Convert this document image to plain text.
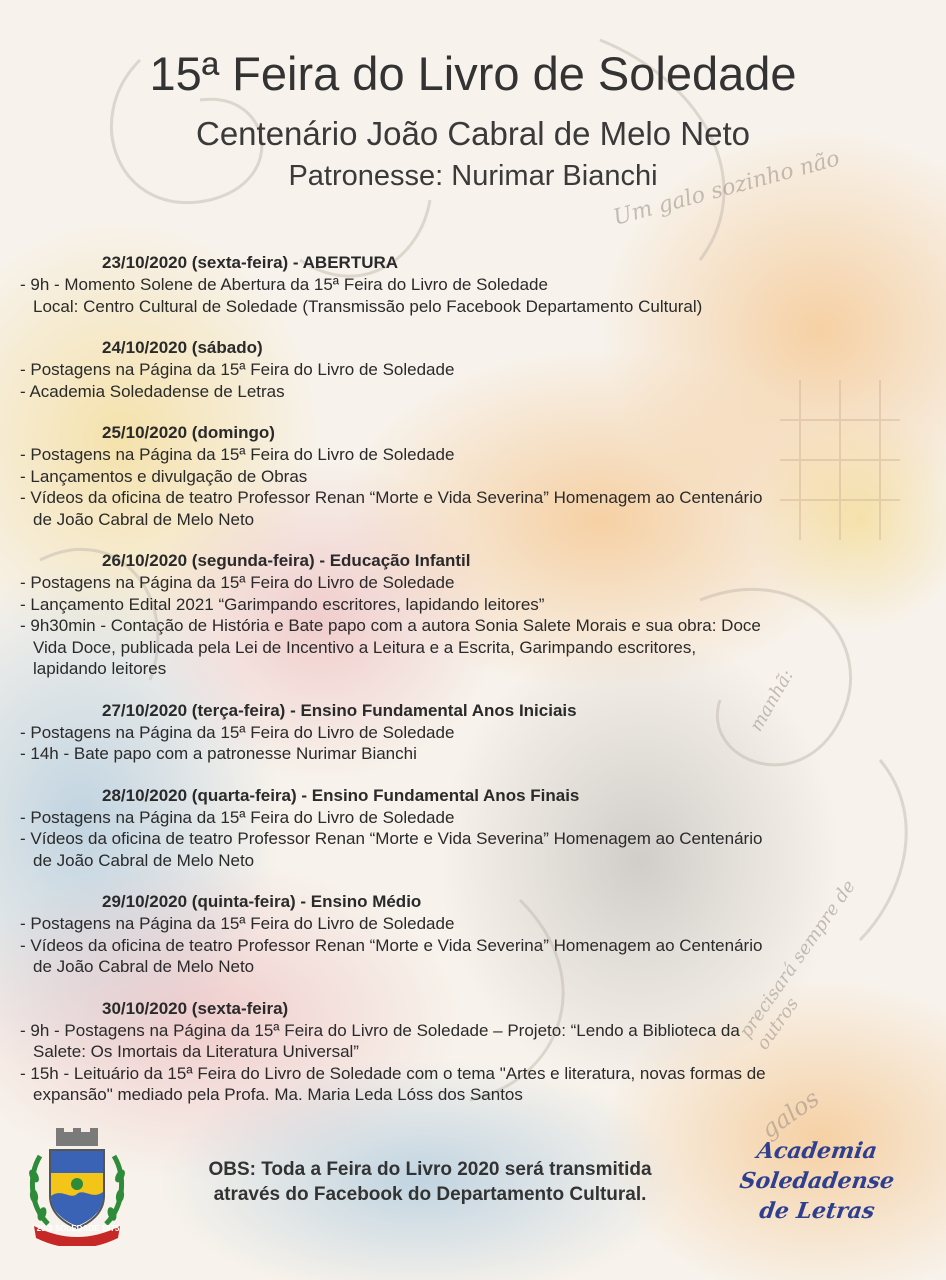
15ª Feira do Livro de Soledade
Centenário João Cabral de Melo Neto
Patronesse: Nurimar Bianchi
23/10/2020 (sexta-feira) - ABERTURA
- 9h - Momento Solene de Abertura da 15ª Feira do Livro de Soledade
Local: Centro Cultural de Soledade (Transmissão pelo Facebook Departamento Cultural)
24/10/2020 (sábado)
- Postagens na Página da 15ª Feira do Livro de Soledade
- Academia Soledadense de Letras
25/10/2020 (domingo)
- Postagens na Página da 15ª Feira do Livro de Soledade
- Lançamentos e divulgação de Obras
- Vídeos da oficina de teatro Professor Renan “Morte e Vida Severina” Homenagem ao Centenário
de João Cabral de Melo Neto
26/10/2020 (segunda-feira) - Educação Infantil
- Postagens na Página da 15ª Feira do Livro de Soledade
- Lançamento Edital 2021 “Garimpando escritores, lapidando leitores”
- 9h30min - Contação de História e Bate papo com a autora Sonia Salete Morais e sua obra: Doce
Vida Doce, publicada pela Lei de Incentivo a Leitura e a Escrita, Garimpando escritores,
lapidando leitores
27/10/2020 (terça-feira) - Ensino Fundamental Anos Iniciais
- Postagens na Página da 15ª Feira do Livro de Soledade
- 14h - Bate papo com a patronesse Nurimar Bianchi
28/10/2020 (quarta-feira) - Ensino Fundamental Anos Finais
- Postagens na Página da 15ª Feira do Livro de Soledade
- Vídeos da oficina de teatro Professor Renan “Morte e Vida Severina” Homenagem ao Centenário
de João Cabral de Melo Neto
29/10/2020 (quinta-feira) - Ensino Médio
- Postagens na Página da 15ª Feira do Livro de Soledade
- Vídeos da oficina de teatro Professor Renan “Morte e Vida Severina” Homenagem ao Centenário
de João Cabral de Melo Neto
30/10/2020 (sexta-feira)
- 9h - Postagens na Página da 15ª Feira do Livro de Soledade – Projeto: “Lendo a Biblioteca da
Salete: Os Imortais da Literatura Universal”
- 15h - Leituário da 15ª Feira do Livro de Soledade com o tema "Artes e literatura, novas formas de
expansão" mediado pela Profa. Ma. Maria Leda Lóss dos Santos
Um galo sozinho não
manhã:
precisará sempre de outros
galos
29-3 SOLEDADE 1875
OBS: Toda a Feira do Livro 2020 será transmitida
através do Facebook do Departamento Cultural.
Academia
Soledadense
de Letras
